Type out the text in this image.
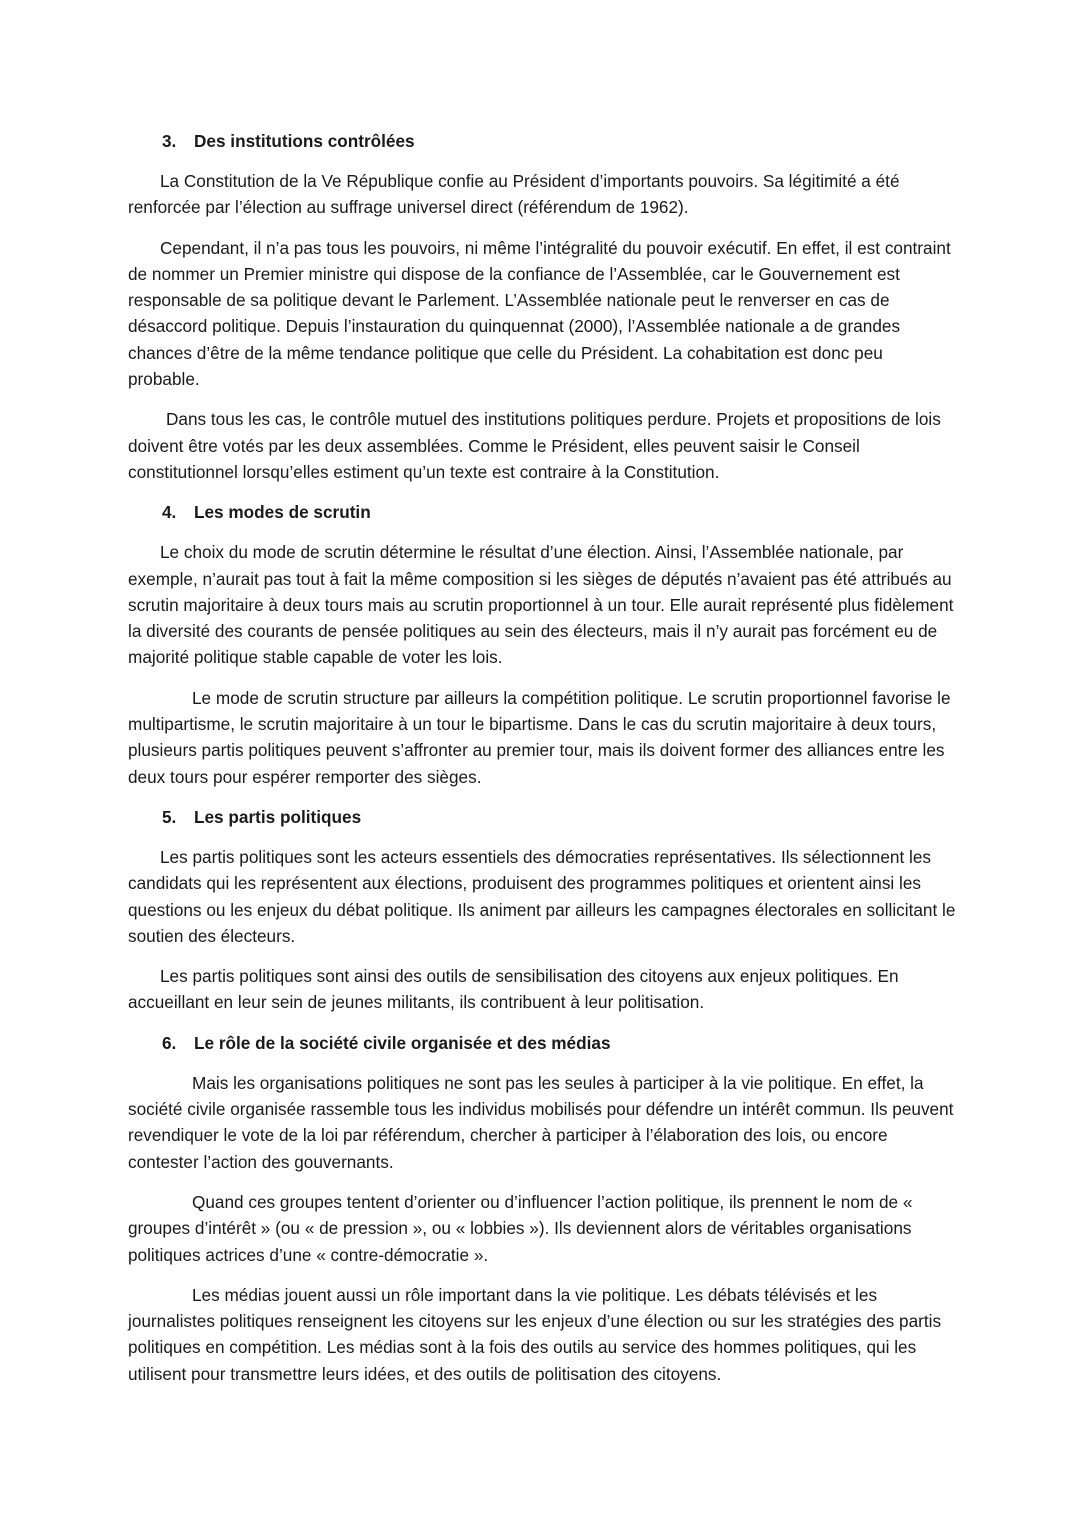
3. Des institutions contrôlées

La Constitution de la Ve République confie au Président d’importants pouvoirs. Sa légitimité a été renforcée par l’élection au suffrage universel direct (référendum de 1962).

Cependant, il n’a pas tous les pouvoirs, ni même l’intégralité du pouvoir exécutif. En effet, il est contraint de nommer un Premier ministre qui dispose de la confiance de l’Assemblée, car le Gouvernement est responsable de sa politique devant le Parlement. L’Assemblée nationale peut le renverser en cas de désaccord politique. Depuis l’instauration du quinquennat (2000), l’Assemblée nationale a de grandes chances d’être de la même tendance politique que celle du Président. La cohabitation est donc peu probable.

Dans tous les cas, le contrôle mutuel des institutions politiques perdure. Projets et propositions de lois doivent être votés par les deux assemblées. Comme le Président, elles peuvent saisir le Conseil constitutionnel lorsqu’elles estiment qu’un texte est contraire à la Constitution.

4. Les modes de scrutin

Le choix du mode de scrutin détermine le résultat d’une élection. Ainsi, l’Assemblée nationale, par exemple, n’aurait pas tout à fait la même composition si les sièges de députés n’avaient pas été attribués au scrutin majoritaire à deux tours mais au scrutin proportionnel à un tour. Elle aurait représenté plus fidèlement la diversité des courants de pensée politiques au sein des électeurs, mais il n’y aurait pas forcément eu de majorité politique stable capable de voter les lois.

Le mode de scrutin structure par ailleurs la compétition politique. Le scrutin proportionnel favorise le multipartisme, le scrutin majoritaire à un tour le bipartisme. Dans le cas du scrutin majoritaire à deux tours, plusieurs partis politiques peuvent s’affronter au premier tour, mais ils doivent former des alliances entre les deux tours pour espérer remporter des sièges.

5. Les partis politiques

Les partis politiques sont les acteurs essentiels des démocraties représentatives. Ils sélectionnent les candidats qui les représentent aux élections, produisent des programmes politiques et orientent ainsi les questions ou les enjeux du débat politique. Ils animent par ailleurs les campagnes électorales en sollicitant le soutien des électeurs.

Les partis politiques sont ainsi des outils de sensibilisation des citoyens aux enjeux politiques. En accueillant en leur sein de jeunes militants, ils contribuent à leur politisation.

6. Le rôle de la société civile organisée et des médias

Mais les organisations politiques ne sont pas les seules à participer à la vie politique. En effet, la société civile organisée rassemble tous les individus mobilisés pour défendre un intérêt commun. Ils peuvent revendiquer le vote de la loi par référendum, chercher à participer à l’élaboration des lois, ou encore contester l’action des gouvernants.

Quand ces groupes tentent d’orienter ou d’influencer l’action politique, ils prennent le nom de « groupes d’intérêt » (ou « de pression », ou « lobbies »). Ils deviennent alors de véritables organisations politiques actrices d’une « contre-démocratie ».

Les médias jouent aussi un rôle important dans la vie politique. Les débats télévisés et les journalistes politiques renseignent les citoyens sur les enjeux d’une élection ou sur les stratégies des partis politiques en compétition. Les médias sont à la fois des outils au service des hommes politiques, qui les utilisent pour transmettre leurs idées, et des outils de politisation des citoyens.
